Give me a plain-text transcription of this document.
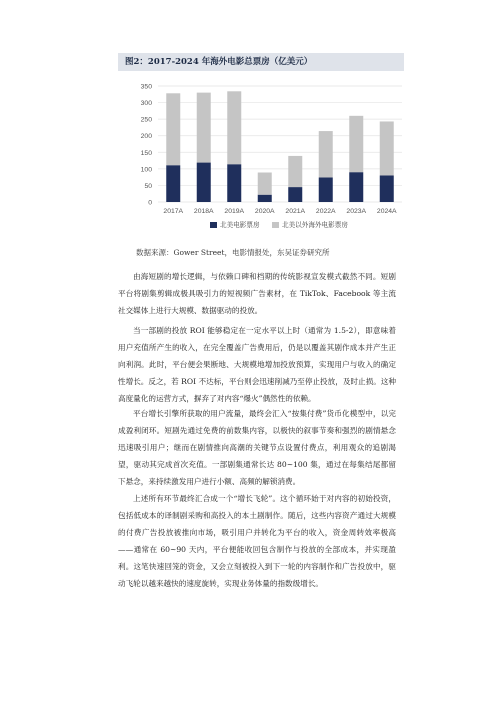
图2：2017-2024 年海外电影总票房（亿美元）
0
50
100
150
200
250
300
350
2017A 2018A 2019A 2020A 2021A 2022A 2023A 2024A
北美电影票房	北美以外海外电影票房
数据来源：Gower Street，电影情报处，东吴证券研究所

由海短剧的增长逻辑，与依赖口碑和档期的传统影视宣发模式截然不同。短剧平台将剧集剪辑成极具吸引力的短视频广告素材，在 TikTok、Facebook 等主流社交媒体上进行大规模、数据驱动的投放。

当一部剧的投放 ROI 能够稳定在一定水平以上时（通常为 1.5-2），即意味着用户充值所产生的收入，在完全覆盖广告费用后，仍是以覆盖其剧作成本并产生正向利润。此时，平台便会果断地、大规模地增加投放预算，实现用户与收入的确定性增长。反之，若 ROI 不达标，平台则会迅速削减乃至停止投放，及时止损。这种高度量化的运营方式，摒弃了对内容“爆火”偶然性的依赖。

平台增长引擎所获取的用户流量，最终会汇入“按集付费”货币化模型中，以完成盈利闭环。短剧先通过免费的前数集内容，以极快的叙事节奏和强烈的剧情悬念迅速吸引用户；继而在剧情推向高潮的关键节点设置付费点，利用观众的追剧渴望，驱动其完成首次充值。一部剧集通常长达 80~100 集，通过在每集结尾都留下悬念，来持续激发用户进行小额、高频的解锁消费。

上述所有环节最终汇合成一个“增长飞轮”。这个循环始于对内容的初始投资，包括低成本的译制剧采购和高投入的本土剧制作。随后，这些内容资产通过大规模的付费广告投放被推向市场，吸引用户并转化为平台的收入，资金周转效率极高——通常在 60~90 天内，平台便能收回包含制作与投放的全部成本，并实现盈利。这笔快速回笼的资金，又会立刻被投入到下一轮的内容制作和广告投放中，驱动飞轮以越来越快的速度旋转，实现业务体量的指数级增长。
